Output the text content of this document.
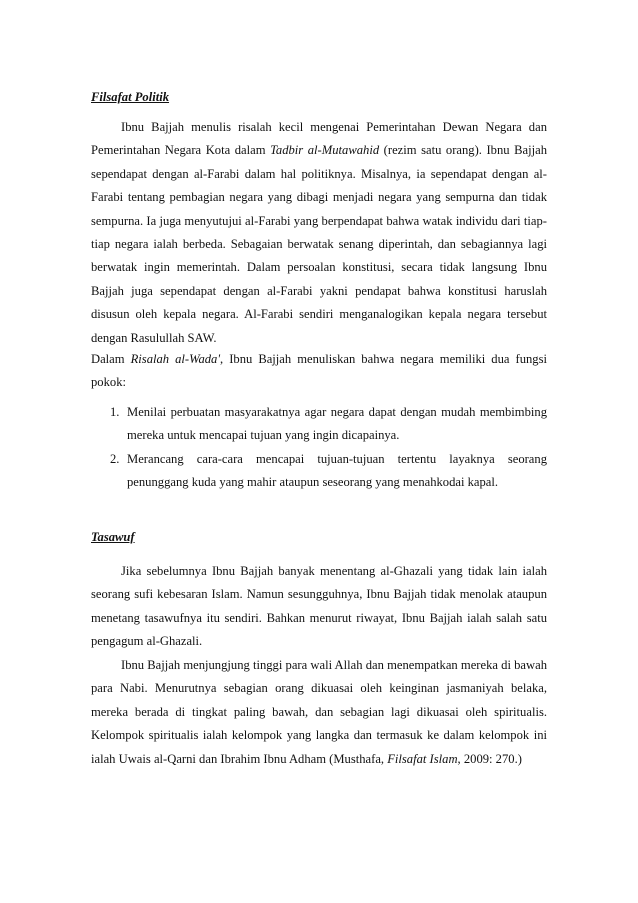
Filsafat Politik

Ibnu Bajjah menulis risalah kecil mengenai Pemerintahan Dewan Negara dan Pemerintahan Negara Kota dalam Tadbir al-Mutawahid (rezim satu orang). Ibnu Bajjah sependapat dengan al-Farabi dalam hal politiknya. Misalnya, ia sependapat dengan al-Farabi tentang pembagian negara yang dibagi menjadi negara yang sempurna dan tidak sempurna. Ia juga menyutujui al-Farabi yang berpendapat bahwa watak individu dari tiap-tiap negara ialah berbeda. Sebagaian berwatak senang diperintah, dan sebagiannya lagi berwatak ingin memerintah. Dalam persoalan konstitusi, secara tidak langsung Ibnu Bajjah juga sependapat dengan al-Farabi yakni pendapat bahwa konstitusi haruslah disusun oleh kepala negara. Al-Farabi sendiri menganalogikan kepala negara tersebut dengan Rasulullah SAW.

Dalam Risalah al-Wada', Ibnu Bajjah menuliskan bahwa negara memiliki dua fungsi pokok:

1. Menilai perbuatan masyarakatnya agar negara dapat dengan mudah membimbing mereka untuk mencapai tujuan yang ingin dicapainya.
2. Merancang cara-cara mencapai tujuan-tujuan tertentu layaknya seorang penunggang kuda yang mahir ataupun seseorang yang menahkodai kapal.
Tasawuf

Jika sebelumnya Ibnu Bajjah banyak menentang al-Ghazali yang tidak lain ialah seorang sufi kebesaran Islam. Namun sesungguhnya, Ibnu Bajjah tidak menolak ataupun menetang tasawufnya itu sendiri. Bahkan menurut riwayat, Ibnu Bajjah ialah salah satu pengagum al-Ghazali.

Ibnu Bajjah menjungjung tinggi para wali Allah dan menempatkan mereka di bawah para Nabi. Menurutnya sebagian orang dikuasai oleh keinginan jasmaniyah belaka, mereka berada di tingkat paling bawah, dan sebagian lagi dikuasai oleh spiritualis. Kelompok spiritualis ialah kelompok yang langka dan termasuk ke dalam kelompok ini ialah Uwais al-Qarni dan Ibrahim Ibnu Adham (Musthafa, Filsafat Islam, 2009: 270.)
